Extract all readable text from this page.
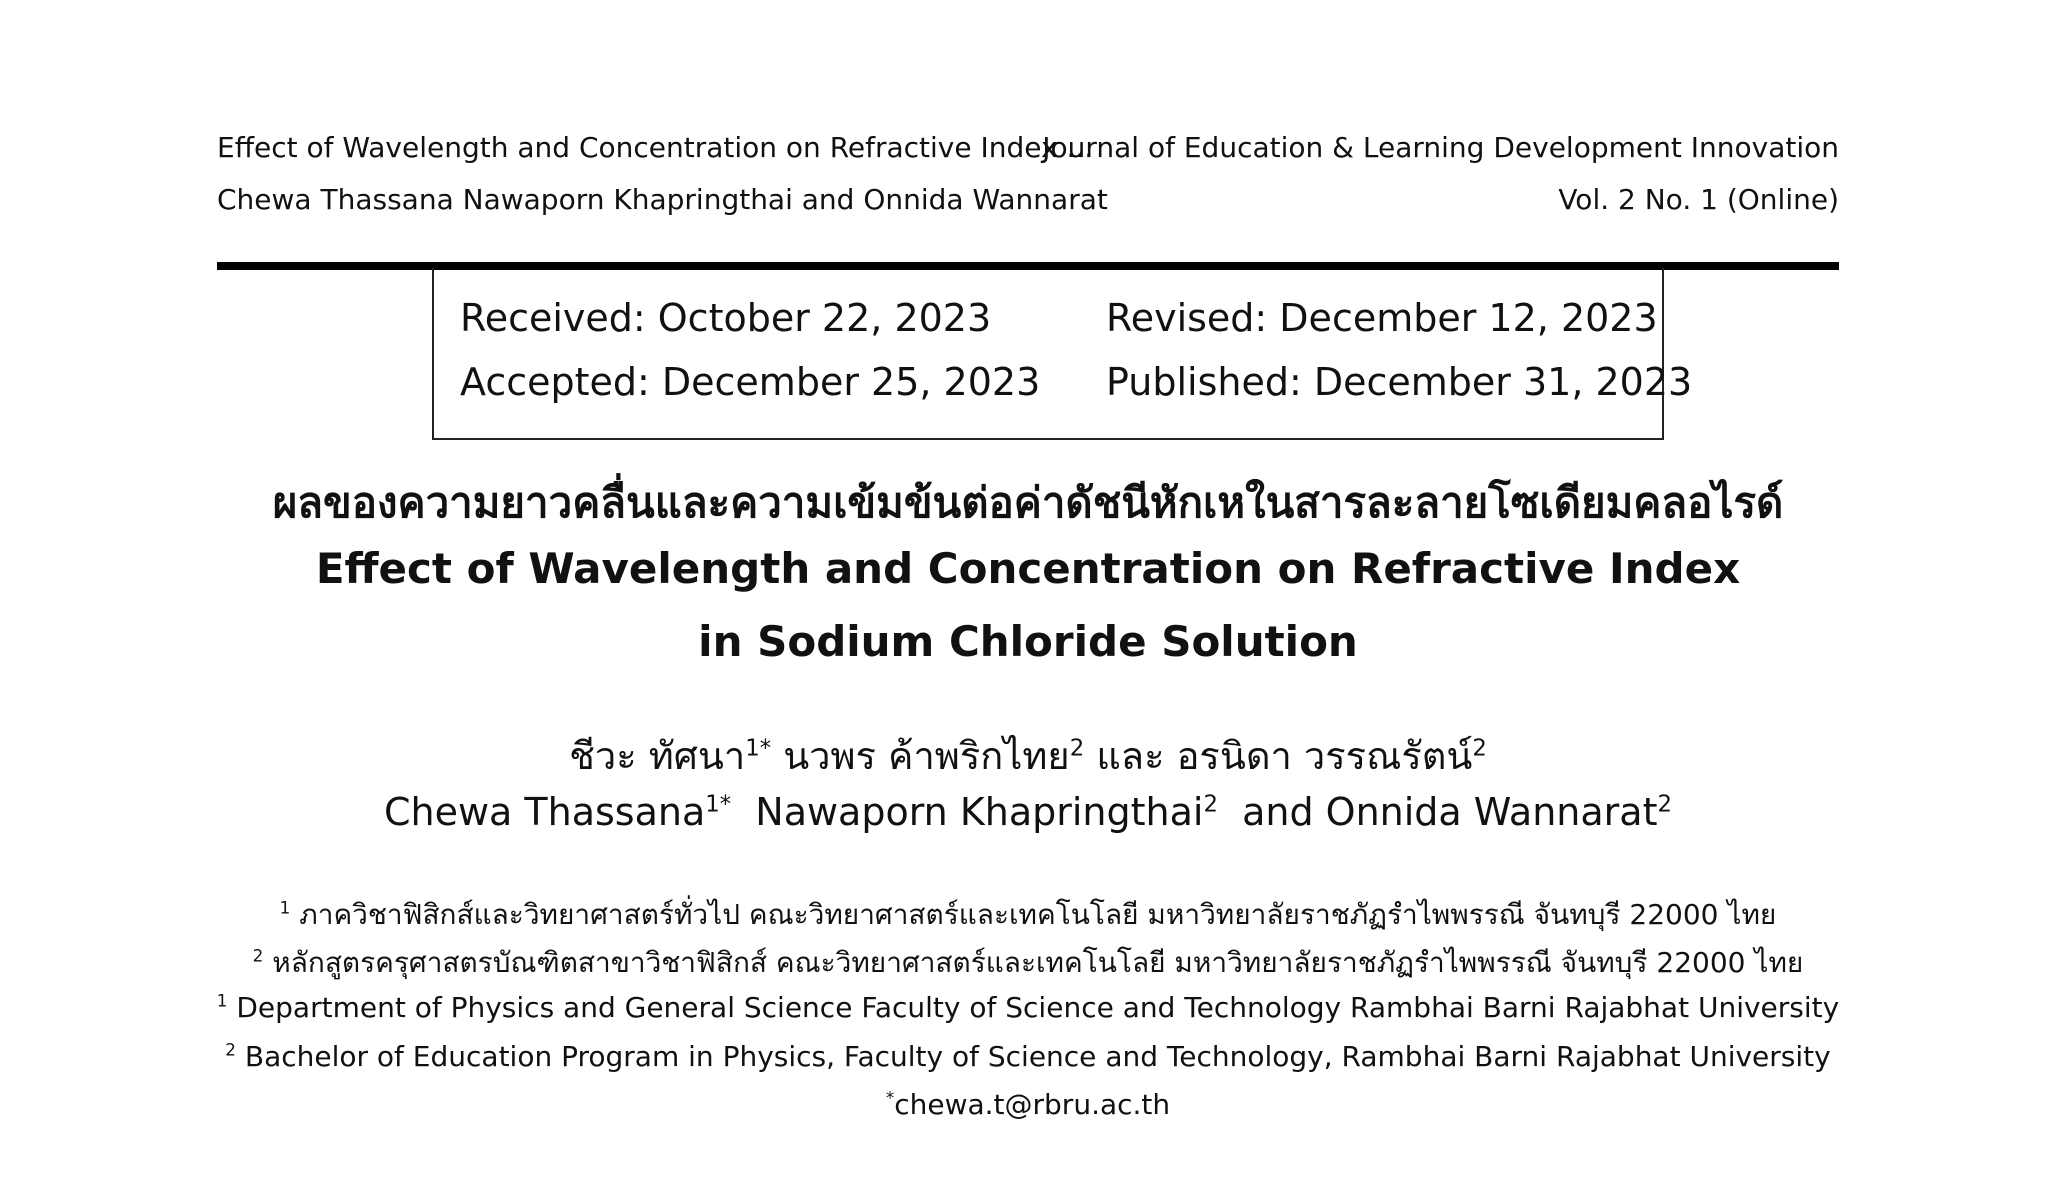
Effect of Wavelength and Concentration on Refractive Index ...
Chewa Thassana Nawaporn Khapringthai and Onnida Wannarat
Journal of Education & Learning Development Innovation
Vol. 2 No. 1 (Online)
Received: October 22, 2023	Revised: December 12, 2023
Accepted: December 25, 2023 Published: December 31, 2023
ผลของความยาวคลื่นและความเข้มข้นต่อค่าดัชนีหักเหในสารละลายโซเดียมคลอไรด์
Effect of Wavelength and Concentration on Refractive Index
in Sodium Chloride Solution
ชีวะ ทัศนา$^{1*}$ นวพร ค้าพริกไทย$^2$ และ อรนิดา วรรณรัตน์$^2$
Chewa Thassana$^{1*}$ Nawaporn Khapringthai$^2$ and Onnida Wannarat$^2$
$^1$ ภาควิชาฟิสิกส์และวิทยาศาสตร์ทั่วไป คณะวิทยาศาสตร์และเทคโนโลยี มหาวิทยาลัยราชภัฏรำไพพรรณี จันทบุรี 22000 ไทย
$^2$ หลักสูตรครุศาสตรบัณฑิตสาขาวิชาฟิสิกส์ คณะวิทยาศาสตร์และเทคโนโลยี มหาวิทยาลัยราชภัฏรำไพพรรณี จันทบุรี 22000 ไทย
$^1$ Department of Physics and General Science Faculty of Science and Technology Rambhai Barni Rajabhat University
$^2$ Bachelor of Education Program in Physics, Faculty of Science and Technology, Rambhai Barni Rajabhat University
*chewa.t@rbru.ac.th
